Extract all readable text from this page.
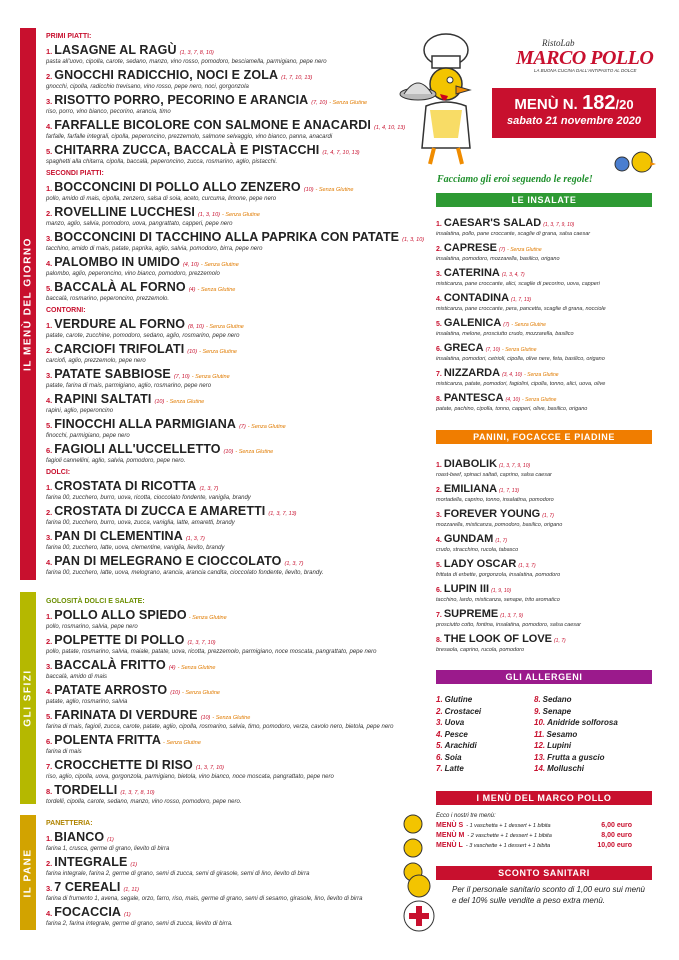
IL MENÙ DEL GIORNO
GLI SFIZI
IL PANE
PRIMI PIATTI:
1. LASAGNE AL RAGÙ (1, 3, 7, 8, 10)
pasta all'uovo, cipolla, carote, sedano, manzo, vino rosso, pomodoro, besciamella, parmigiano, pepe nero
2. GNOCCHI RADICCHIO, NOCI E ZOLA (1, 7, 10, 13)
gnocchi, cipolla, radicchio trevisano, vino rosso, pepe nero, noci, gorgonzola
3. RISOTTO PORRO, PECORINO E ARANCIA (7, 10) - Senza Glutine
riso, porro, vino bianco, pecorino, arancia, timo
4. FARFALLE BICOLORE CON SALMONE E ANACARDI (1, 4, 10, 13)
farfalle, farfalle integrali, cipolla, peperoncino, prezzemolo, salmone selvaggio, vino bianco, panna, anacardi
5. CHITARRA ZUCCA, BACCALÀ E PISTACCHI (1, 4, 7, 10, 13)
spaghetti alla chitarra, cipolla, baccalà, peperoncino, zucca, rosmarino, aglio, pistacchi.
SECONDI PIATTI:
1. BOCCONCINI DI POLLO ALLO ZENZERO (10) - Senza Glutine
pollo, amido di mais, cipolla, zenzero, salsa di soia, aceto, curcuma, limone, pepe nero
2. ROVELLINE LUCCHESI (1, 3, 10) - Senza Glutine
manzo, aglio, salvia, pomodoro, uova, pangrattato, capperi, pepe nero
3. BOCCONCINI DI TACCHINO ALLA PAPRIKA CON PATATE (1, 3, 10)
tacchino, amido di mais, patate, paprika, aglio, salvia, pomodoro, birra, pepe nero
4. PALOMBO IN UMIDO (4, 10) - Senza Glutine
palombo, aglio, peperoncino, vino bianco, pomodoro, prezzemolo
5. BACCALÀ AL FORNO (4) - Senza Glutine
baccalà, rosmarino, peperoncino, prezzemolo.
CONTORNI:
1. VERDURE AL FORNO (8, 10) - Senza Glutine
patate, carote, zucchine, pomodoro, sedano, aglio, rosmarino, pepe nero
2. CARCIOFI TRIFOLATI (10) - Senza Glutine
carciofi, aglio, prezzemolo, pepe nero
3. PATATE SABBIOSE (7, 10) - Senza Glutine
patate, farina di mais, parmigiano, aglio, rosmarino, pepe nero
4. RAPINI SALTATI (10) - Senza Glutine
rapini, aglio, peperoncino
5. FINOCCHI ALLA PARMIGIANA (7) - Senza Glutine
finocchi, parmigiano, pepe nero
6. FAGIOLI ALL'UCCELLETTO (10) - Senza Glutine
fagioli cannellini, aglio, salvia, pomodoro, pepe nero.
DOLCI:
1. CROSTATA DI RICOTTA (1, 3, 7)
farina 00, zucchero, burro, uova, ricotta, cioccolato fondente, vaniglia, brandy
2. CROSTATA DI ZUCCA E AMARETTI (1, 3, 7, 13)
farina 00, zucchero, burro, uova, zucca, vaniglia, latte, amaretti, brandy
3. PAN DI CLEMENTINA (1, 3, 7)
farina 00, zucchero, latte, uova, clementine, vaniglia, lievito, brandy
4. PAN DI MELEGRANO E CIOCCOLATO (1, 3, 7)
farina 00, zucchero, latte, uova, melograno, arancia, arancia candita, cioccolato fondente, lievito, brandy.
GOLOSITÀ DOLCI E SALATE:
1. POLLO ALLO SPIEDO - Senza Glutine
pollo, rosmarino, salvia, pepe nero
2. POLPETTE DI POLLO (1, 3, 7, 10)
pollo, patate, rosmarino, salvia, maiale, patate, uova, ricotta, prezzemolo, parmigiano, noce moscata, pangrattato, pepe nero
3. BACCALÀ FRITTO (4) - Senza Glutine
baccalà, amido di mais
4. PATATE ARROSTO (10) - Senza Glutine
patate, aglio, rosmarino, salvia
5. FARINATA DI VERDURE (10) - Senza Glutine
farina di mais, fagioli, zucca, carote, patate, aglio, cipolla, rosmarino, salvia, timo, pomodoro, verza, cavolo nero, bietola, pepe nero
6. POLENTA FRITTA - Senza Glutine
farina di mais
7. CROCCHETTE DI RISO (1, 3, 7, 10)
riso, aglio, cipolla, uova, gorgonzola, parmigiano, bietola, vino bianco, noce moscata, pangrattato, pepe nero
8. TORDELLI (1, 3, 7, 8, 10)
tordelli, cipolla, carote, sedano, manzo, vino rosso, pomodoro, pepe nero.
PANETTERIA:
1. BIANCO (1)
farina 1, crusca, germe di grano, lievito di birra
2. INTEGRALE (1)
farina integrale, farina 2, germe di grano, semi di zucca, semi di girasole, semi di lino, lievito di birra
3. 7 CEREALI (1, 11)
farina di frumento 1, avena, segale, orzo, farro, riso, mais, germe di grano, semi di sesamo, girasole, lino, lievito di birra
4. FOCACCIA (1)
farina 2, farina integrale, germe di grano, semi di zucca, lievito di birra.
RistoLab
MARCO POLLO
LA BUONA CUCINA DALL'ANTIPASTO AL DOLCE
MENÙ N. 182/20
sabato 21 novembre 2020
Facciamo gli eroi seguendo le regole!
LE INSALATE
1. CAESAR'S SALAD (1, 3, 7, 9, 10)
insalatina, pollo, pane croccante, scaglie di grana, salsa caesar
2. CAPRESE (7) - Senza Glutine
insalatina, pomodoro, mozzarella, basilico, origano
3. CATERINA (1, 3, 4, 7)
misticanza, pane croccante, alici, scaglie di pecorino, uova, capperi
4. CONTADINA (1, 7, 13)
misticanza, pane croccante, pera, pancetta, scaglie di grana, nocciole
5. GALENICA (7) - Senza Glutine
insalatina, melone, prosciutto crudo, mozzarella, basilico
6. GRECA (7, 10) - Senza Glutine
insalatina, pomodori, cetrioli, cipolla, olive nere, feta, basilico, origano
7. NIZZARDA (3, 4, 10) - Senza Glutine
misticanza, patate, pomodori, fagiolini, cipolla, tonno, alici, uova, olive
8. PANTESCA (4, 10) - Senza Glutine
patate, pachino, cipolla, tonno, capperi, olive, basilico, origano
PANINI, FOCACCE E PIADINE
1. DIABOLIK (1, 3, 7, 9, 10)
roast-beef, spinaci saltati, caprino, salsa caesar
2. EMILIANA (1, 7, 13)
mortadella, caprino, tonno, insalatina, pomodoro
3. FOREVER YOUNG (1, 7)
mozzarella, misticanza, pomodoro, basilico, origano
4. GUNDAM (1, 7)
crudo, stracchino, rucola, tabasco
5. LADY OSCAR (1, 3, 7)
frittata di erbette, gorgonzola, insalatina, pomodoro
6. LUPIN III (1, 9, 10)
tacchino, lardo, misticanza, senape, trito aromatico
7. SUPREME (1, 3, 7, 9)
prosciutto cotto, fontina, insalatina, pomodoro, salsa caesar
8. THE LOOK OF LOVE (1, 7)
bresaola, caprino, rucola, pomodoro
GLI ALLERGENI
1. Glutine
2. Crostacei
3. Uova
4. Pesce
5. Arachidi
6. Soia
7. Latte
8. Sedano
9. Senape
10. Anidride solforosa
11. Sesamo
12. Lupini
13. Frutta a guscio
14. Molluschi
I MENÙ DEL MARCO POLLO
Ecco i nostri tre menù:
MENÙ S - 1 vaschetta + 1 dessert + 1 bibita	6,00 euro
MENÙ M - 2 vaschette + 1 dessert + 1 bibita	8,00 euro
MENÙ L - 3 vaschette + 1 dessert + 1 bibita	10,00 euro
SCONTO SANITARI
Per il personale sanitario sconto di 1,00 euro sui menù e del 10% sulle vendite a peso extra menù.
